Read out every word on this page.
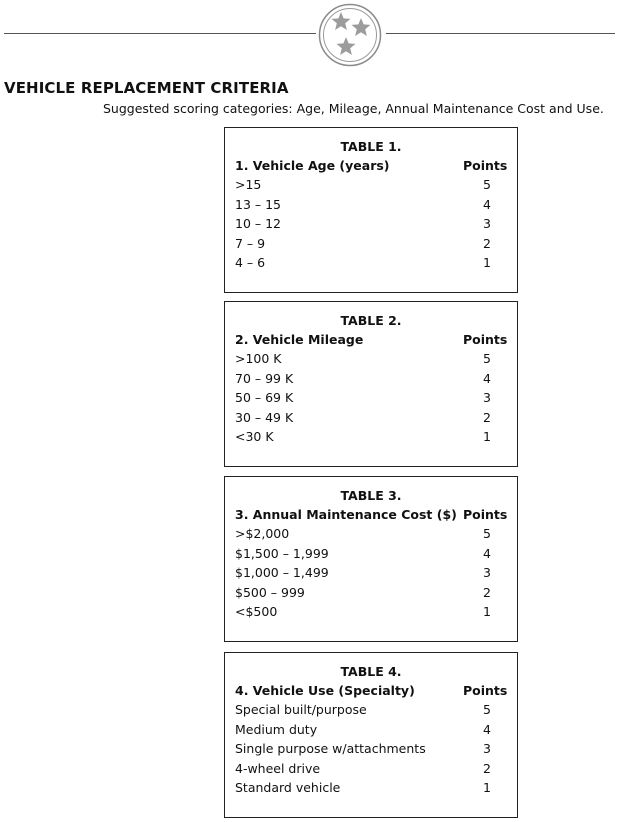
VEHICLE REPLACEMENT CRITERIA
Suggested scoring categories: Age, Mileage, Annual Maintenance Cost and Use.
TABLE 1.
1. Vehicle Age (years)	Points
>15	5
13 – 15	4
10 – 12	3
7 – 9	2
4 – 6	1
TABLE 2.
2. Vehicle Mileage	Points
>100 K	5
70 – 99 K	4
50 – 69 K	3
30 – 49 K	2
<30 K	1
TABLE 3.
3. Annual Maintenance Cost ($) Points
>$2,000	5
$1,500 – 1,999	4
$1,000 – 1,499	3
$500 – 999	2
<$500	1
TABLE 4.
4. Vehicle Use (Specialty)	Points
Special built/purpose	5
Medium duty	4
Single purpose w/attachments	3
4-wheel drive	2
Standard vehicle	1
